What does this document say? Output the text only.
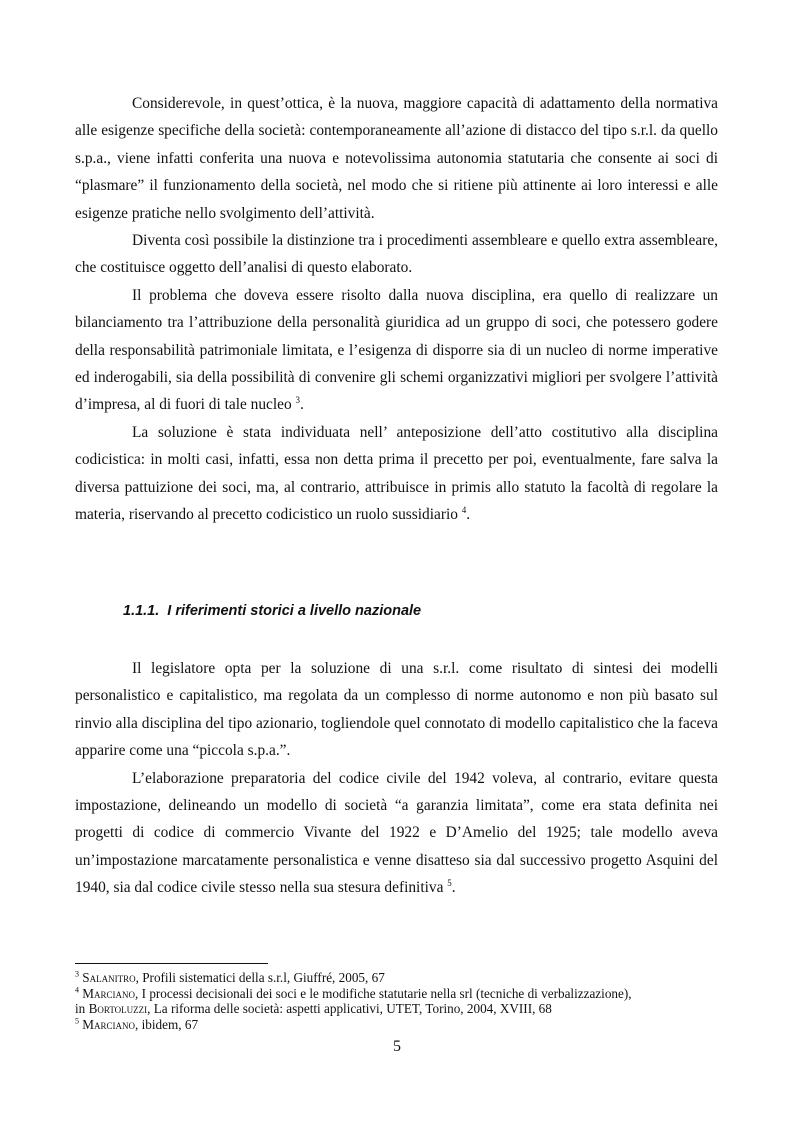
Considerevole, in quest’ottica, è la nuova, maggiore capacità di adattamento della normativa alle esigenze specifiche della società: contemporaneamente all’azione di distacco del tipo s.r.l. da quello s.p.a., viene infatti conferita una nuova e notevolissima autonomia statutaria che consente ai soci di “plasmare” il funzionamento della società, nel modo che si ritiene più attinente ai loro interessi e alle esigenze pratiche nello svolgimento dell’attività.

Diventa così possibile la distinzione tra i procedimenti assembleare e quello extra assembleare, che costituisce oggetto dell’analisi di questo elaborato.

Il problema che doveva essere risolto dalla nuova disciplina, era quello di realizzare un bilanciamento tra l’attribuzione della personalità giuridica ad un gruppo di soci, che potessero godere della responsabilità patrimoniale limitata, e l’esigenza di disporre sia di un nucleo di norme imperative ed inderogabili, sia della possibilità di convenire gli schemi organizzativi migliori per svolgere l’attività d’impresa, al di fuori di tale nucleo $^3$.

La soluzione è stata individuata nell’ anteposizione dell’atto costitutivo alla disciplina codicistica: in molti casi, infatti, essa non detta prima il precetto per poi, eventualmente, fare salva la diversa pattuizione dei soci, ma, al contrario, attribuisce in primis allo statuto la facoltà di regolare la materia, riservando al precetto codicistico un ruolo sussidiario $^4$.

1.1.1. I riferimenti storici a livello nazionale

Il legislatore opta per la soluzione di una s.r.l. come risultato di sintesi dei modelli personalistico e capitalistico, ma regolata da un complesso di norme autonomo e non più basato sul rinvio alla disciplina del tipo azionario, togliendole quel connotato di modello capitalistico che la faceva apparire come una “piccola s.p.a.”.

L’elaborazione preparatoria del codice civile del 1942 voleva, al contrario, evitare questa impostazione, delineando un modello di società “a garanzia limitata”, come era stata definita nei progetti di codice di commercio Vivante del 1922 e D’Amelio del 1925; tale modello aveva un’impostazione marcatamente personalistica e venne disatteso sia dal successivo progetto Asquini del 1940, sia dal codice civile stesso nella sua stesura definitiva $^5$.

$^3$ Salanitro, Profili sistematici della s.r.l, Giuffré, 2005, 67

$^4$ Marciano, I processi decisionali dei soci e le modifiche statutarie nella srl (tecniche di verbalizzazione),
in Bortoluzzi, La riforma delle società: aspetti applicativi, UTET, Torino, 2004, XVIII, 68

$^5$ Marciano, ibidem, 67

5
